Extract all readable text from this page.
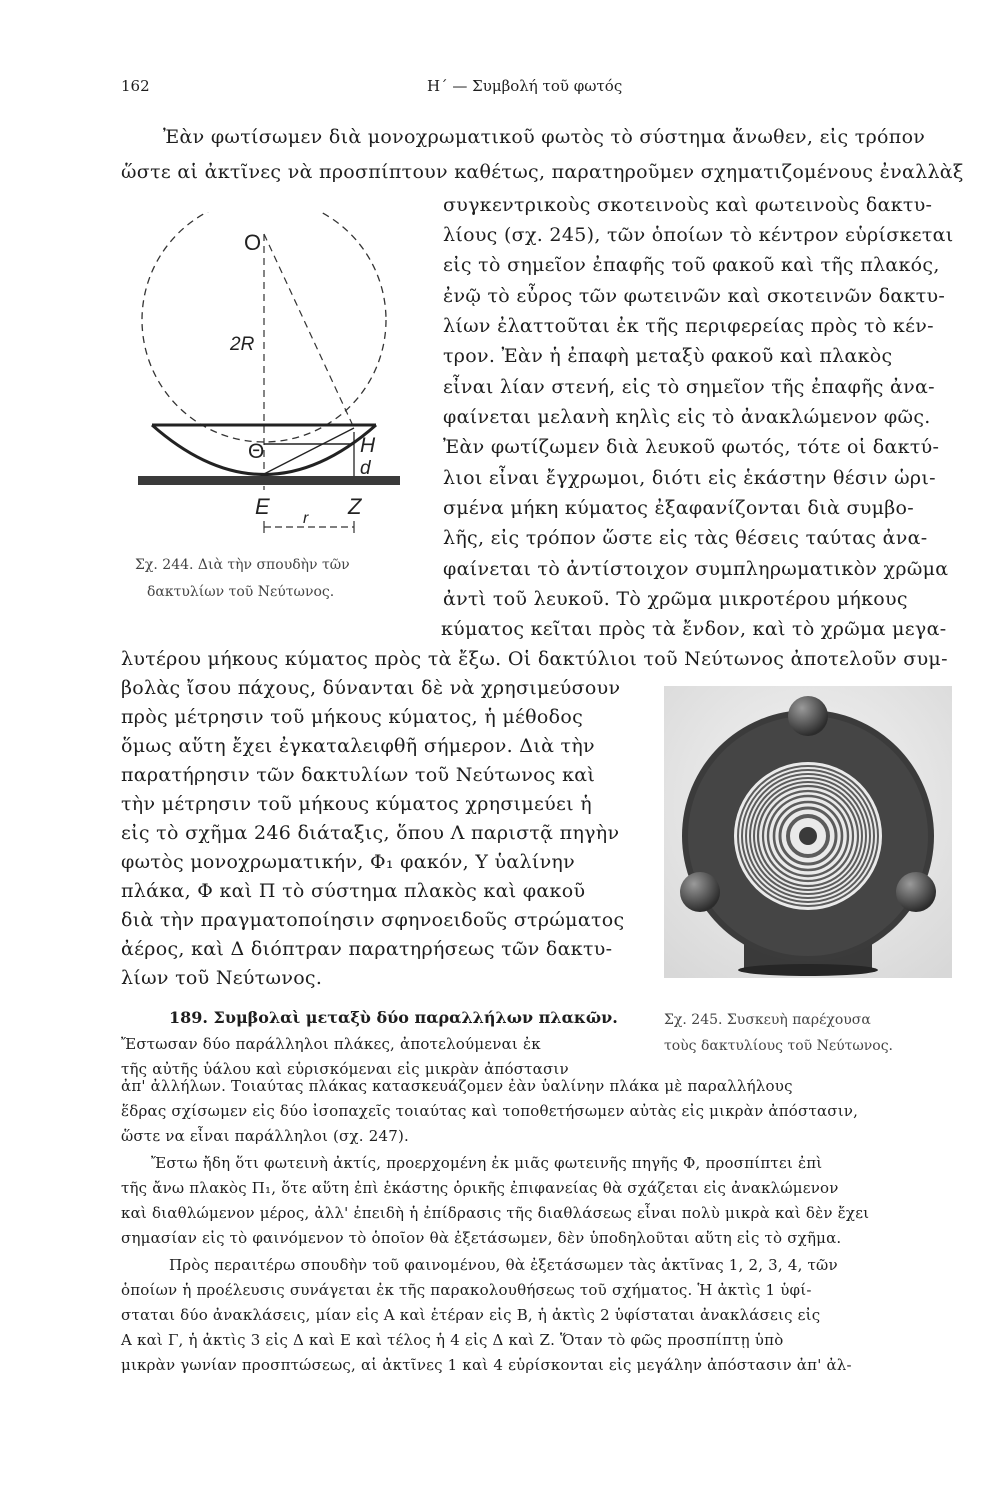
162	Η΄ — Συμβολή τοῦ φωτός
Ἐὰν φωτίσωμεν διὰ μονοχρωματικοῦ φωτὸς τὸ σύστημα ἄνωθεν, εἰς τρόπον
ὥστε αἱ ἀκτῖνες νὰ προσπίπτουν καθέτως, παρατηροῦμεν σχηματιζομένους ἐναλλὰξ
συγκεντρικοὺς σκοτεινοὺς καὶ φωτεινοὺς δακτυ-
λίους (σχ. 245), τῶν ὁποίων τὸ κέντρον εὑρίσκεται
εἰς τὸ σημεῖον ἐπαφῆς τοῦ φακοῦ καὶ τῆς πλακός,
ἐνῷ τὸ εὖρος τῶν φωτεινῶν καὶ σκοτεινῶν δακτυ-
λίων ἐλαττοῦται ἐκ τῆς περιφερείας πρὸς τὸ κέν-
τρον. Ἐὰν ἡ ἐπαφὴ μεταξὺ φακοῦ καὶ πλακὸς
εἶναι λίαν στενή, εἰς τὸ σημεῖον τῆς ἐπαφῆς ἀνα-
φαίνεται μελανὴ κηλὶς εἰς τὸ ἀνακλώμενον φῶς.
Ἐὰν φωτίζωμεν διὰ λευκοῦ φωτός, τότε οἱ δακτύ-
λιοι εἶναι ἔγχρωμοι, διότι εἰς ἑκάστην θέσιν ὡρι-
σμένα μήκη κύματος ἐξαφανίζονται διὰ συμβο-
λῆς, εἰς τρόπον ὥστε εἰς τὰς θέσεις ταύτας ἀνα-
φαίνεται τὸ ἀντίστοιχον συμπληρωματικὸν χρῶμα
ἀντὶ τοῦ λευκοῦ. Τὸ χρῶμα μικροτέρου μήκους
κύματος κεῖται πρὸς τὰ ἔνδον, καὶ τὸ χρῶμα μεγα-
O
2R
Θ	H
d
E r Z
Σχ. 244. Διὰ τὴν σπουδὴν τῶν
δακτυλίων τοῦ Νεύτωνος.
λυτέρου μήκους κύματος πρὸς τὰ ἔξω. Οἱ δακτύλιοι τοῦ Νεύτωνος ἀποτελοῦν συμ-
βολὰς ἴσου πάχους, δύνανται δὲ νὰ χρησιμεύσουν
πρὸς μέτρησιν τοῦ μήκους κύματος, ἡ μέθοδος
ὅμως αὕτη ἔχει ἐγκαταλειφθῆ σήμερον. Διὰ τὴν
παρατήρησιν τῶν δακτυλίων τοῦ Νεύτωνος καὶ
τὴν μέτρησιν τοῦ μήκους κύματος χρησιμεύει ἡ
εἰς τὸ σχῆμα 246 διάταξις, ὅπου Λ παριστᾷ πηγὴν
φωτὸς μονοχρωματικήν, Φ₁ φακόν, Υ ὑαλίνην
πλάκα, Φ καὶ Π τὸ σύστημα πλακὸς καὶ φακοῦ
διὰ τὴν πραγματοποίησιν σφηνοειδοῦς στρώματος
ἀέρος, καὶ Δ διόπτραν παρατηρήσεως τῶν δακτυ-
λίων τοῦ Νεύτωνος.
Σχ. 245. Συσκευὴ παρέχουσα
τοὺς δακτυλίους τοῦ Νεύτωνος.
189. Συμβολαὶ μεταξὺ δύο παραλλήλων πλακῶν.
Ἔστωσαν δύο παράλληλοι πλάκες, ἀποτελούμεναι ἐκ
τῆς αὐτῆς ὑάλου καὶ εὑρισκόμεναι εἰς μικρὰν ἀπόστασιν
ἀπ' ἀλλήλων. Τοιαύτας πλάκας κατασκευάζομεν ἐὰν ὑαλίνην πλάκα μὲ παραλλήλους
ἕδρας σχίσωμεν εἰς δύο ἰσοπαχεῖς τοιαύτας καὶ τοποθετήσωμεν αὐτὰς εἰς μικρὰν ἀπόστασιν,
ὥστε να εἶναι παράλληλοι (σχ. 247).
Ἔστω ἤδη ὅτι φωτεινὴ ἀκτίς, προερχομένη ἐκ μιᾶς φωτεινῆς πηγῆς Φ, προσπίπτει ἐπὶ
τῆς ἄνω πλακὸς Π₁, ὅτε αὕτη ἐπὶ ἑκάστης ὁρικῆς ἐπιφανείας θὰ σχάζεται εἰς ἀνακλώμενον
καὶ διαθλώμενον μέρος, ἀλλ' ἐπειδὴ ἡ ἐπίδρασις τῆς διαθλάσεως εἶναι πολὺ μικρὰ καὶ δὲν ἔχει
σημασίαν εἰς τὸ φαινόμενον τὸ ὁποῖον θὰ ἐξετάσωμεν, δὲν ὑποδηλοῦται αὕτη εἰς τὸ σχῆμα.
Πρὸς περαιτέρω σπουδὴν τοῦ φαινομένου, θὰ ἐξετάσωμεν τὰς ἀκτῖνας 1, 2, 3, 4, τῶν
ὁποίων ἡ προέλευσις συνάγεται ἐκ τῆς παρακολουθήσεως τοῦ σχήματος. Ἡ ἀκτὶς 1 ὑφί-
σταται δύο ἀνακλάσεις, μίαν εἰς Α καὶ ἑτέραν εἰς Β, ἡ ἀκτὶς 2 ὑφίσταται ἀνακλάσεις εἰς
Α καὶ Γ, ἡ ἀκτὶς 3 εἰς Δ καὶ Ε καὶ τέλος ἡ 4 εἰς Δ καὶ Ζ. Ὅταν τὸ φῶς προσπίπτῃ ὑπὸ
μικρὰν γωνίαν προσπτώσεως, αἱ ἀκτῖνες 1 καὶ 4 εὑρίσκονται εἰς μεγάλην ἀπόστασιν ἀπ' ἀλ-
